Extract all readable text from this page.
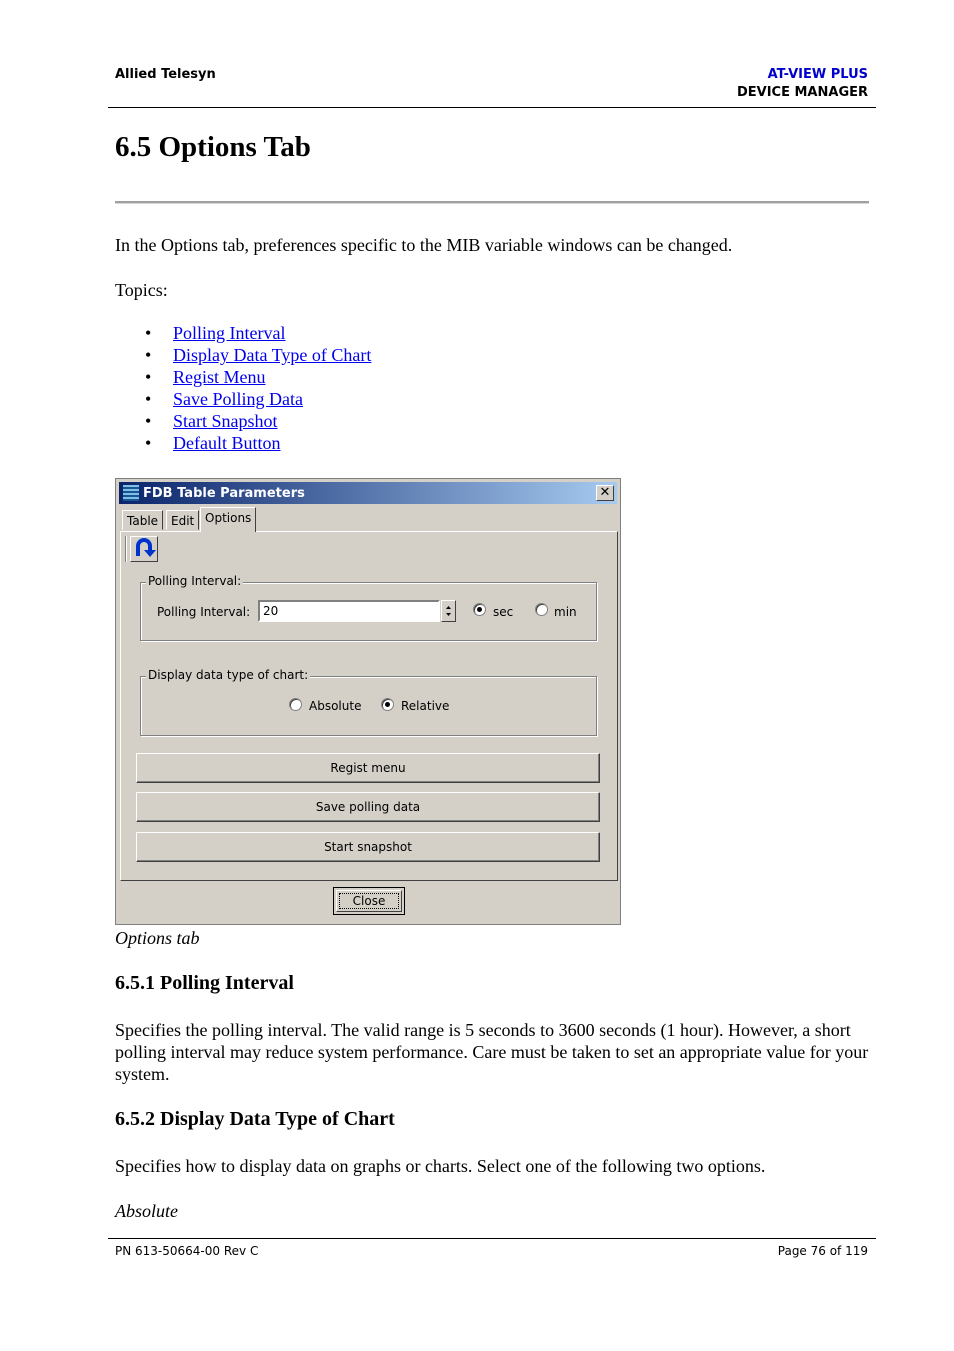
Allied Telesyn	AT-VIEW PLUS
DEVICE MANAGER
6.5 Options Tab
In the Options tab, preferences specific to the MIB variable windows can be changed.
Topics:
• Polling Interval
• Display Data Type of Chart
• Regist Menu
• Save Polling Data
• Start Snapshot
• Default Button
FDB Table Parameters	✕
Table	Edit Options
Polling Interval:
Polling Interval:	20	sec	min
Display data type of chart:
Absolute	Relative
Regist menu
Save polling data
Start snapshot
Close
Options tab
6.5.1 Polling Interval
Specifies the polling interval. The valid range is 5 seconds to 3600 seconds (1 hour). However, a short polling interval may reduce system performance. Care must be taken to set an appropriate value for your system.
6.5.2 Display Data Type of Chart
Specifies how to display data on graphs or charts. Select one of the following two options.
Absolute
PN 613-50664-00 Rev C	Page 76 of 119
